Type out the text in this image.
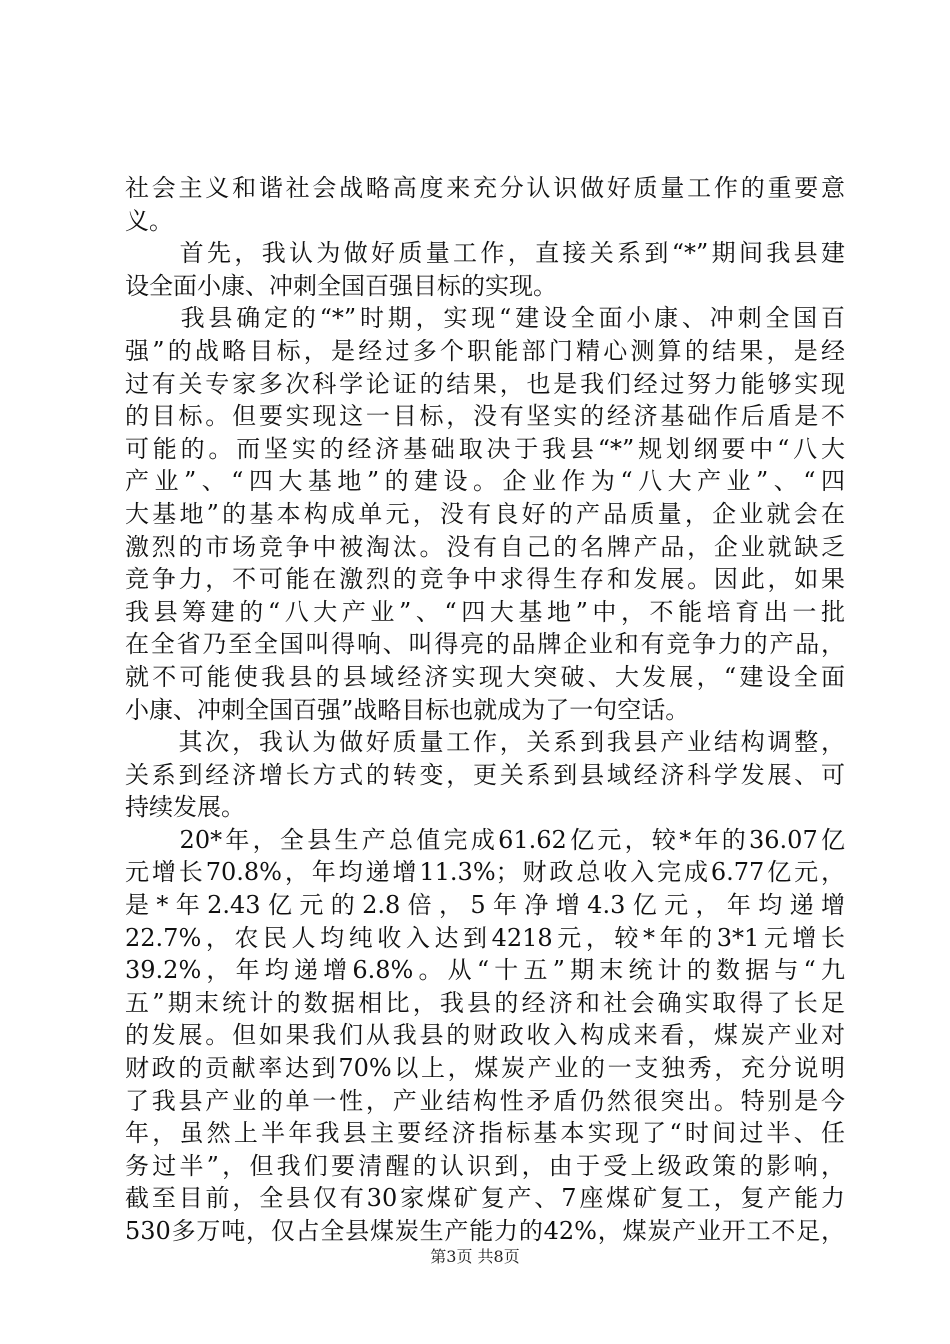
社会主义和谐社会战略高度来充分认识做好质量工作的重要意
义。
　　首先，我认为做好质量工作，直接关系到“*”期间我县建
设全面小康、冲刺全国百强目标的实现。
　　我县确定的“*”时期，实现“建设全面小康、冲刺全国百
强”的战略目标，是经过多个职能部门精心测算的结果，是经
过有关专家多次科学论证的结果，也是我们经过努力能够实现
的目标。但要实现这一目标，没有坚实的经济基础作后盾是不
可能的。而坚实的经济基础取决于我县“*”规划纲要中“八大
产业”、“四大基地”的建设。企业作为“八大产业”、“四
大基地”的基本构成单元，没有良好的产品质量，企业就会在
激烈的市场竞争中被淘汰。没有自己的名牌产品，企业就缺乏
竞争力，不可能在激烈的竞争中求得生存和发展。因此，如果
我县筹建的“八大产业”、“四大基地”中，不能培育出一批
在全省乃至全国叫得响、叫得亮的品牌企业和有竞争力的产品，
就不可能使我县的县域经济实现大突破、大发展，“建设全面
小康、冲刺全国百强”战略目标也就成为了一句空话。
　　其次，我认为做好质量工作，关系到我县产业结构调整，
关系到经济增长方式的转变，更关系到县域经济科学发展、可
持续发展。
　　20*年，全县生产总值完成61.62亿元，较*年的36.07亿
元增长70.8%，年均递增11.3%；财政总收入完成6.77亿元，
是*年2.43亿元的2.8倍，5年净增4.3亿元，年均递增
22.7%，农民人均纯收入达到4218元，较*年的3*1元增长
39.2%，年均递增6.8%。从“十五”期末统计的数据与“九
五”期末统计的数据相比，我县的经济和社会确实取得了长足
的发展。但如果我们从我县的财政收入构成来看，煤炭产业对
财政的贡献率达到70%以上，煤炭产业的一支独秀，充分说明
了我县产业的单一性，产业结构性矛盾仍然很突出。特别是今
年，虽然上半年我县主要经济指标基本实现了“时间过半、任
务过半”，但我们要清醒的认识到，由于受上级政策的影响，
截至目前，全县仅有30家煤矿复产、7座煤矿复工，复产能力
530多万吨，仅占全县煤炭生产能力的42%，煤炭产业开工不足，
第3页 共8页
